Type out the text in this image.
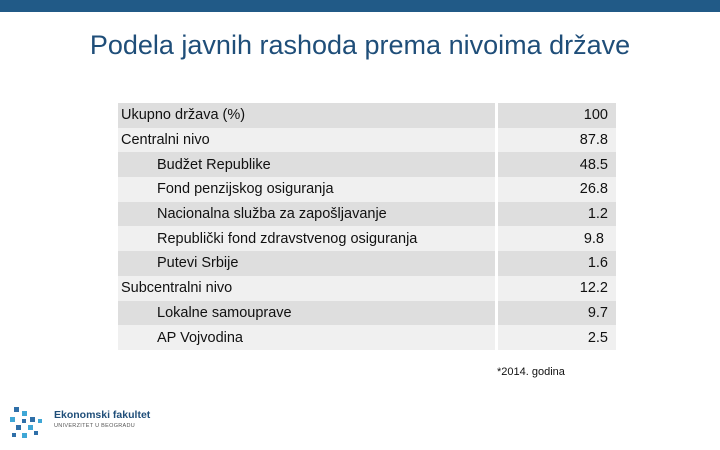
Podela javnih rashoda prema nivoima države
Ukupno država (%)		100
Centralni nivo		87.8
Budžet Republike		48.5
Fond penzijskog osiguranja		26.8
Nacionalna služba za zapošljavanje		1.2
Republički fond zdravstvenog osiguranja		9.8
Putevi Srbije		1.6
Subcentralni nivo		12.2
Lokalne samouprave		9.7
AP Vojvodina		2.5
*2014. godina
Ekonomski fakultet
UNIVERZITET U BEOGRADU
